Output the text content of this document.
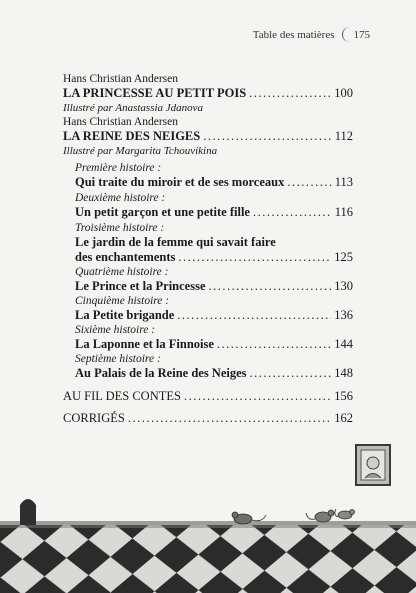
Table des matières 175
Hans Christian Andersen
LA PRINCESSE AU PETIT POIS .....	100
Illustré par Anastassia Jdanova
Hans Christian Andersen
LA REINE DES NEIGES .....	112
Illustré par Margarita Tchouvikina
Première histoire :
Qui traite du miroir et de ses morceaux .....	113
Deuxième histoire :
Un petit garçon et une petite fille .....	116
Troisième histoire :
Le jardin de la femme qui savait faire
des enchantements .....	125
Quatrième histoire :
Le Prince et la Princesse .....	130
Cinquième histoire :
La Petite brigande .....	136
Sixième histoire :
La Laponne et la Finnoise .....	144
Septième histoire :
Au Palais de la Reine des Neiges .....	148
AU FIL DES CONTES .....	156
CORRIGÉS .....	162
